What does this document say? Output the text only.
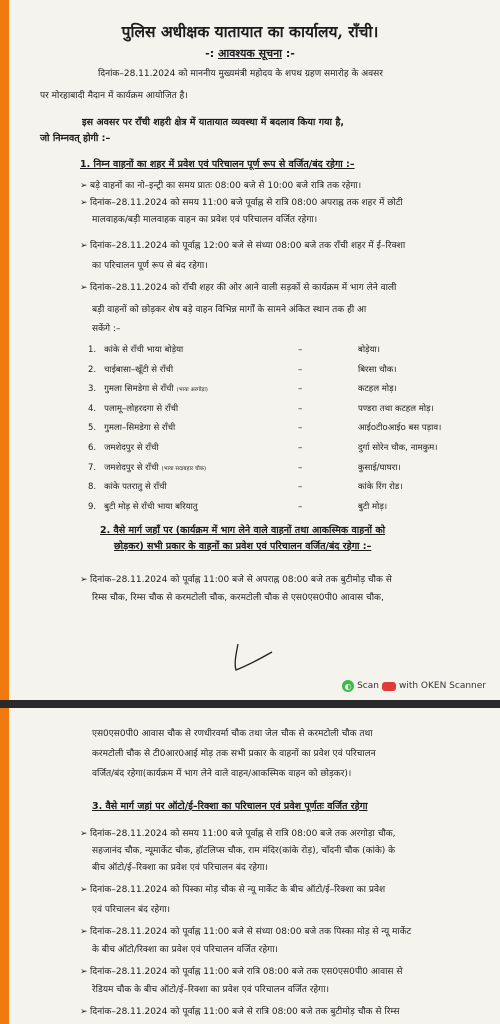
पुलिस अधीक्षक यातायात का कार्यालय, राँची।
-: आवश्यक सूचना :-
दिनांक–28.11.2024 को माननीय मुख्यमंत्री महोदय के शपथ ग्रहण समारोह के अवसर
पर मोरहाबादी मैदान में कार्यक्रम आयोजित है।
इस अवसर पर राँची शहरी क्षेत्र में यातायात व्यवस्था में बदलाव किया गया है,
जो निम्नवत् होगी :–
1. निम्न वाहनों का शहर में प्रवेश एवं परिचालन पूर्ण रूप से वर्जित/बंद रहेगा :–
➢ बड़े वाहनों का नो–इन्ट्री का समय प्रातः 08:00 बजे से 10:00 बजे रात्रि तक रहेगा।
➢ दिनांक–28.11.2024 को समय 11:00 बजे पूर्वाह्न से रात्रि 08:00 अपराह्न तक शहर में छोटी
मालवाहक/बड़ी मालवाहक वाहन का प्रवेश एवं परिचालन वर्जित रहेगा।
➢ दिनांक–28.11.2024 को पूर्वाह्न 12:00 बजे से संध्या 08:00 बजे तक राँची शहर में ई–रिक्शा
का परिचालन पूर्ण रूप से बंद रहेगा।
➢ दिनांक–28.11.2024 को राँची शहर की ओर आने वाली सड़कों से कार्यक्रम में भाग लेने वाली
बड़ी वाहनों को छोड़कर शेष बड़े वाहन विभिन्न मार्गों के सामने अंकित स्थान तक ही आ
सकेंगे :–
2. वैसे मार्ग जहाँ पर (कार्यक्रम में भाग लेने वाले वाहनों तथा आकस्मिक वाहनों को
छोड़कर) सभी प्रकार के वाहनों का प्रवेश एवं परिचालन वर्जित/बंद रहेगा :–
➢ दिनांक–28.11.2024 को पूर्वाह्न 11:00 बजे से अपराह्न 08:00 बजे तक बुटीमोड़ चौक से
रिम्स चौक, रिम्स चौक से करमटोली चौक, करमटोली चौक से एस0एस0पी0 आवास चौक,
◐ Scan with OKEN Scanner
1. कांके से राँची भाया बोड़ेया	–	बोड़ेया।
2. चाईबासा–खूँटी से राँची	–	बिरसा चौक।
3. गुमला सिमडेगा से राँची (भाया अरगोड़ा)	–	कटहल मोड़।
4. पलामू–लोहरदगा से राँची	–	पण्डरा तथा कटहल मोड़।
5. गुमला–सिमडेगा से राँची	–	आईoटीoआईo बस पड़ाव।
6. जमशेदपुर से राँची	–	दुर्गा सोरेन चौक, नामकुम।
7. जमशेदपुर से राँची (भाया सदाबहार चौक)	–	कुसाई/घाघरा।
8. कांके पतरातु से राँची	–	कांके रिंग रोड।
9. बुटी मोड़ से राँची भाया बरियातु	–	बुटी मोड़।
एस0एस0पी0 आवास चौक से रणधीरवर्मा चौक तथा जेल चौक से करमटोली चौक तथा
करमटोली चौक से टी0आर0आई मोड़ तक सभी प्रकार के वाहनों का प्रवेश एवं परिचालन
वर्जित/बंद रहेगा(कार्यक्रम में भाग लेने वाले वाहन/आकस्मिक वाहन को छोड़कर)।
3. वैसे मार्ग जहां पर ऑटो/ई–रिक्शा का परिचालन एवं प्रवेश पूर्णतः वर्जित रहेगा
➢ दिनांक–28.11.2024 को समय 11:00 बजे पूर्वाह्न से रात्रि 08:00 बजे तक अरगोड़ा चौक,
सहजानंद चौक, न्यूमार्केट चौक, हॉटलिप्स चौक, राम मंदिर(कांके रोड़), चाँदनी चौक (कांके) के
बीच ऑटो/ई–रिक्शा का प्रवेश एवं परिचालन बंद रहेगा।
➢ दिनांक–28.11.2024 को पिस्का मोड़ चौक से न्यू मार्केट के बीच ऑटो/ई–रिक्शा का प्रवेश
एवं परिचालन बंद रहेगा।
➢ दिनांक–28.11.2024 को पूर्वाह्न 11:00 बजे से संध्या 08:00 बजे तक पिस्का मोड़ से न्यू मार्केट
के बीच ऑटो/रिक्शा का प्रवेश एवं परिचालन वर्जित रहेगा।
➢ दिनांक–28.11.2024 को पूर्वाह्न 11:00 बजे रात्रि 08:00 बजे तक एस0एस0पी0 आवास से
रेडियम चौक के बीच ऑटो/ई–रिक्शा का प्रवेश एवं परिचालन वर्जित रहेगा।
➢ दिनांक–28.11.2024 को पूर्वाह्न 11:00 बजे से रात्रि 08:00 बजे तक बुटीमोड़ चौक से रिम्स
